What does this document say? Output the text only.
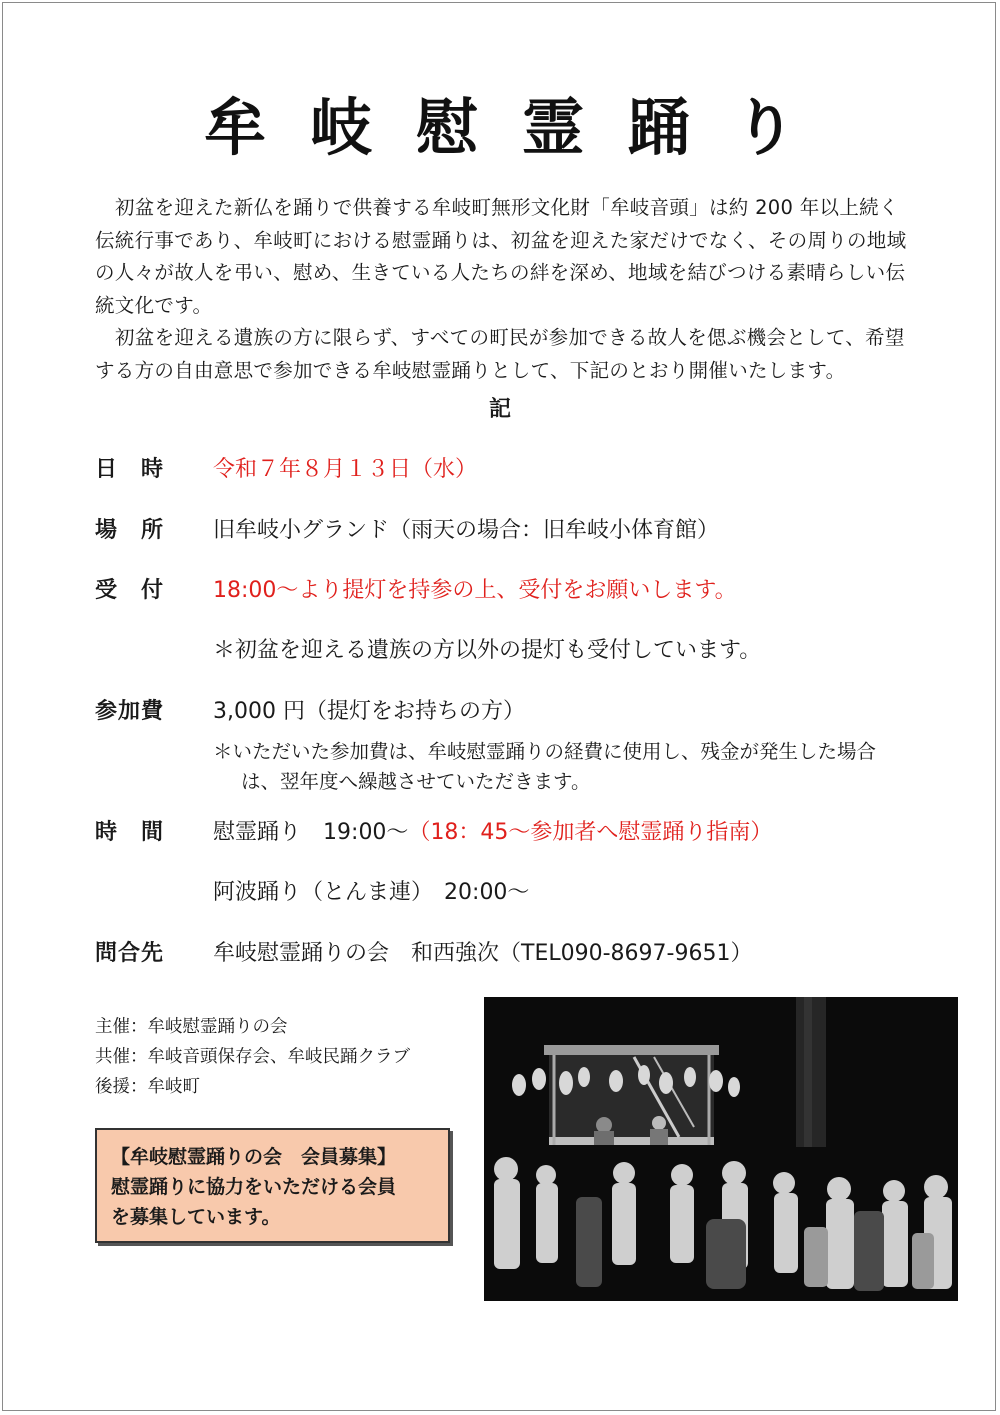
牟岐慰霊踊り

初盆を迎えた新仏を踊りで供養する牟岐町無形文化財「牟岐音頭」は約 200 年以上続く伝統行事であり、牟岐町における慰霊踊りは、初盆を迎えた家だけでなく、その周りの地域の人々が故人を弔い、慰め、生きている人たちの絆を深め、地域を結びつける素晴らしい伝統文化です。

初盆を迎える遺族の方に限らず、すべての町民が参加できる故人を偲ぶ機会として、希望する方の自由意思で参加できる牟岐慰霊踊りとして、下記のとおり開催いたします。

記
日　時 令和７年８月１３日（水）
場　所 旧牟岐小グランド（雨天の場合：旧牟岐小体育館）
受　付 18:00～より提灯を持参の上、受付をお願いします。
＊初盆を迎える遺族の方以外の提灯も受付しています。
参加費 3,000 円（提灯をお持ちの方）
＊いただいた参加費は、牟岐慰霊踊りの経費に使用し、残金が発生した場合
は、翌年度へ繰越させていただきます。
時　間 慰霊踊り　 19:00～（18：45～参加者へ慰霊踊り指南）
阿波踊り（とんま連）　 20:00～
問合先 牟岐慰霊踊りの会　和西強次（TEL090-8697-9651）
主催：牟岐慰霊踊りの会
共催：牟岐音頭保存会、牟岐民踊クラブ
後援：牟岐町
【牟岐慰霊踊りの会　会員募集】
慰霊踊りに協力をいただける会員
を募集しています。
